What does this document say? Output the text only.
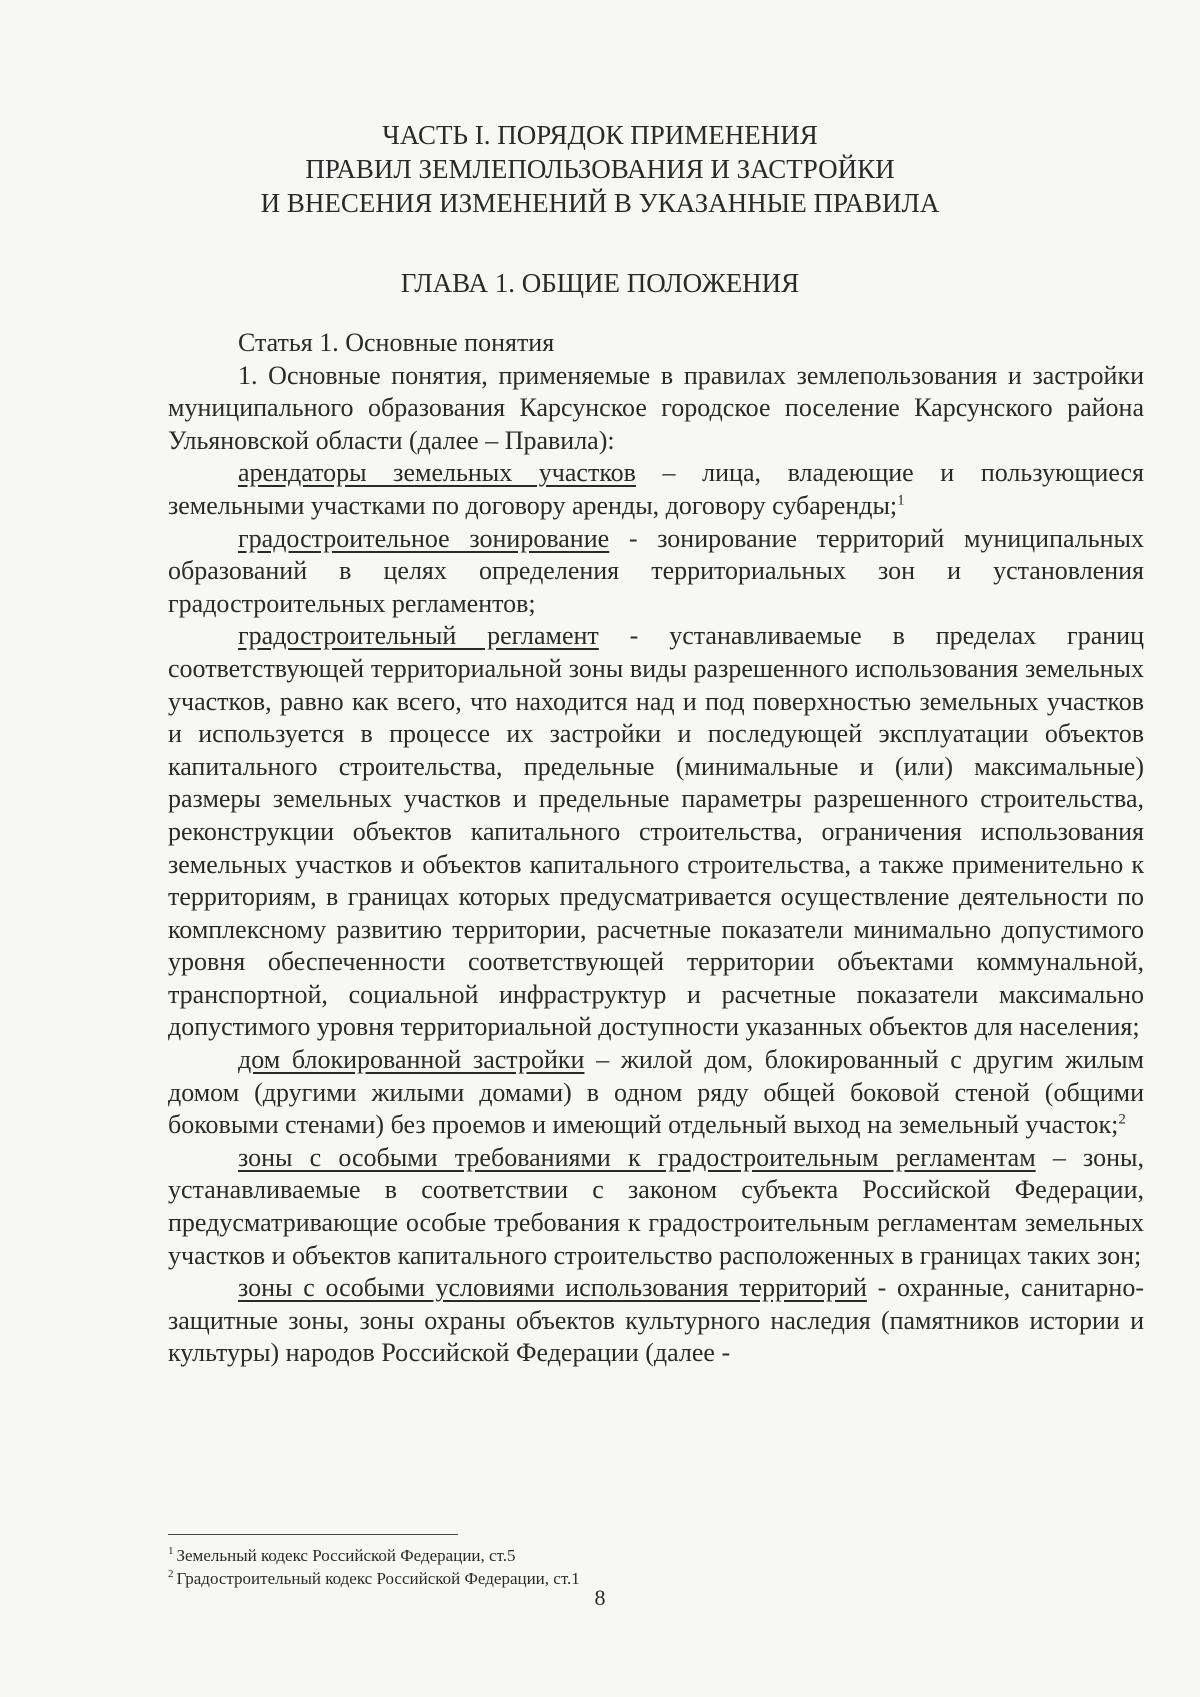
ЧАСТЬ I. ПОРЯДОК ПРИМЕНЕНИЯ
ПРАВИЛ ЗЕМЛЕПОЛЬЗОВАНИЯ И ЗАСТРОЙКИ
И ВНЕСЕНИЯ ИЗМЕНЕНИЙ В УКАЗАННЫЕ ПРАВИЛА
ГЛАВА 1. ОБЩИЕ ПОЛОЖЕНИЯ

Статья 1. Основные понятия

1. Основные понятия, применяемые в правилах землепользования и застройки муниципального образования Карсунское городское поселение Карсунского района Ульяновской области (далее – Правила):

арендаторы земельных участков – лица, владеющие и пользующиеся земельными участками по договору аренды, договору субаренды;$^1$

градостроительное зонирование - зонирование территорий муниципальных образований в целях определения территориальных зон и установления градостроительных регламентов;

градостроительный регламент - устанавливаемые в пределах границ соответствующей территориальной зоны виды разрешенного использования земельных участков, равно как всего, что находится над и под поверхностью земельных участков и используется в процессе их застройки и последующей эксплуатации объектов капитального строительства, предельные (минимальные и (или) максимальные) размеры земельных участков и предельные параметры разрешенного строительства, реконструкции объектов капитального строительства, ограничения использования земельных участков и объектов капитального строительства, а также применительно к территориям, в границах которых предусматривается осуществление деятельности по комплексному развитию территории, расчетные показатели минимально допустимого уровня обеспеченности соответствующей территории объектами коммунальной, транспортной, социальной инфраструктур и расчетные показатели максимально допустимого уровня территориальной доступности указанных объектов для населения;

дом блокированной застройки – жилой дом, блокированный с другим жилым домом (другими жилыми домами) в одном ряду общей боковой стеной (общими боковыми стенами) без проемов и имеющий отдельный выход на земельный участок;$^2$

зоны с особыми требованиями к градостроительным регламентам – зоны, устанавливаемые в соответствии с законом субъекта Российской Федерации, предусматривающие особые требования к градостроительным регламентам земельных участков и объектов капитального строительство расположенных в границах таких зон;

зоны с особыми условиями использования территорий - охранные, санитарно-защитные зоны, зоны охраны объектов культурного наследия (памятников истории и культуры) народов Российской Федерации (далее -

$^1$ Земельный кодекс Российской Федерации, ст.5

$^2$ Градостроительный кодекс Российской Федерации, ст.1

8
